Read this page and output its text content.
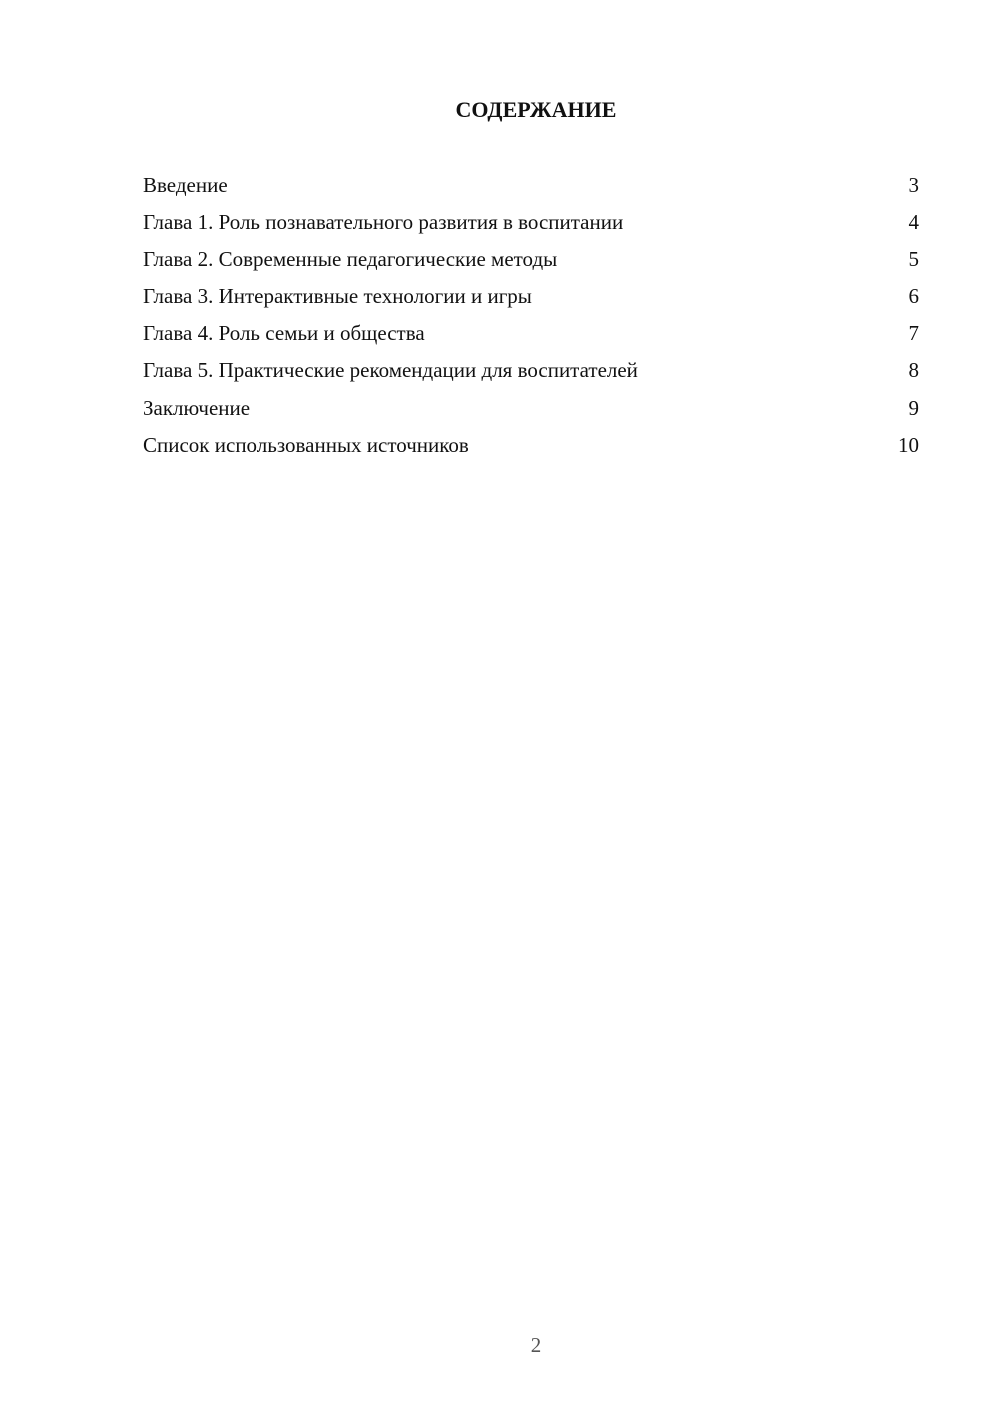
СОДЕРЖАНИЕ
Введение	3
Глава 1. Роль познавательного развития в воспитании	4
Глава 2. Современные педагогические методы	5
Глава 3. Интерактивные технологии и игры	6
Глава 4. Роль семьи и общества	7
Глава 5. Практические рекомендации для воспитателей	8
Заключение	9
Список использованных источников	10
2
